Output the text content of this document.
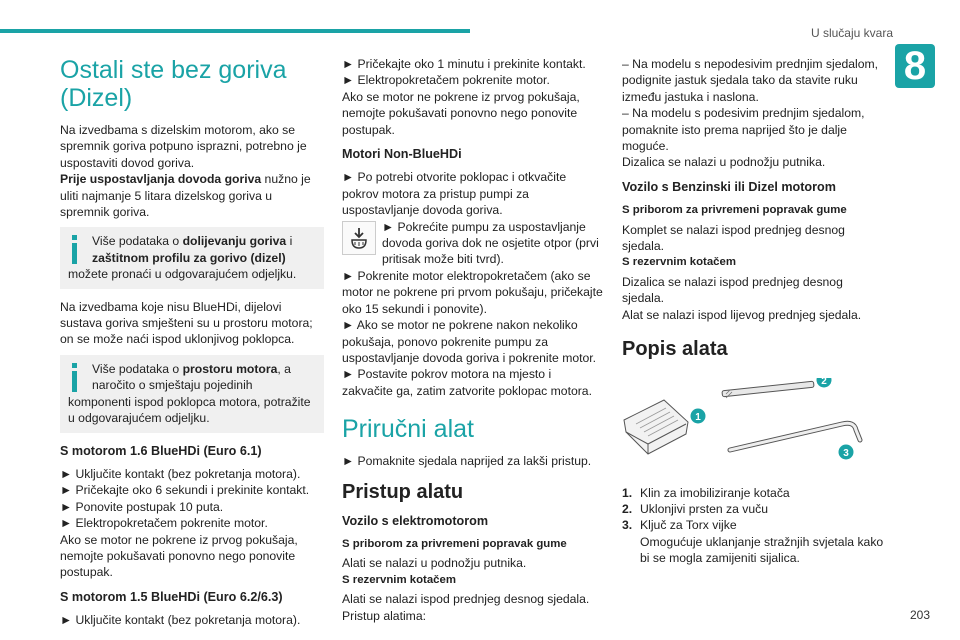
U slučaju kvara
8
Ostali ste bez goriva (Dizel)

Na izvedbama s dizelskim motorom, ako se spremnik goriva potpuno isprazni, potrebno je uspostaviti dovod goriva.

Prije uspostavljanja dovoda goriva nužno je uliti najmanje 5 litara dizelskog goriva u spremnik goriva.

Više podataka o dolijevanju goriva i zaštitnom profilu za gorivo (dizel) možete pronaći u odgovarajućem odjeljku.

Na izvedbama koje nisu BlueHDi, dijelovi sustava goriva smješteni su u prostoru motora; on se može naći ispod uklonjivog poklopca.

Više podataka o prostoru motora, a naročito o smještaju pojedinih komponenti ispod poklopca motora, potražite u odgovarajućem odjeljku.
S motorom 1.6 BlueHDi (Euro 6.1)

► Uključite kontakt (bez pokretanja motora).

► Pričekajte oko 6 sekundi i prekinite kontakt.

► Ponovite postupak 10 puta.

► Elektropokretačem pokrenite motor.

Ako se motor ne pokrene iz prvog pokušaja, nemojte pokušavati ponovno nego ponovite postupak.

S motorom 1.5 BlueHDi (Euro 6.2/6.3)

► Uključite kontakt (bez pokretanja motora).

► Pričekajte oko 1 minutu i prekinite kontakt.

► Elektropokretačem pokrenite motor.

Ako se motor ne pokrene iz prvog pokušaja, nemojte pokušavati ponovno nego ponovite postupak.

Motori Non-BlueHDi

► Po potrebi otvorite poklopac i otkvačite pokrov motora za pristup pumpi za uspostavljanje dovoda goriva.

► Pokrećite pumpu za uspostavljanje dovoda goriva dok ne osjetite otpor (prvi pritisak može biti tvrd).

► Pokrenite motor elektropokretačem (ako se motor ne pokrene pri prvom pokušaju, pričekajte oko 15 sekundi i ponovite).

► Ako se motor ne pokrene nakon nekoliko pokušaja, ponovo pokrenite pumpu za uspostavljanje dovoda goriva i pokrenite motor.

► Postavite pokrov motora na mjesto i zakvačite ga, zatim zatvorite poklopac motora.

Priručni alat

► Pomaknite sjedala naprijed za lakši pristup.

Pristup alatu
Vozilo s elektromotorom
S priborom za privremeni popravak gume

Alati se nalazi u podnožju putnika.

S rezervnim kotačem

Alati se nalazi ispod prednjeg desnog sjedala.

Pristup alatima:

– Na modelu s nepodesivim prednjim sjedalom, podignite jastuk sjedala tako da stavite ruku između jastuka i naslona.

– Na modelu s podesivim prednjim sjedalom, pomaknite isto prema naprijed što je dalje moguće.

Dizalica se nalazi u podnožju putnika.

Vozilo s Benzinski ili Dizel motorom
S priborom za privremeni popravak gume

Komplet se nalazi ispod prednjeg desnog sjedala.

S rezervnim kotačem

Dizalica se nalazi ispod prednjeg desnog sjedala.

Alat se nalazi ispod lijevog prednjeg sjedala.

Popis alata
1
2
3
1. Klin za imobiliziranje kotača
2. Uklonjivi prsten za vuču
3. Ključ za Torx vijke
Omogućuje uklanjanje stražnjih svjetala kako bi se mogla zamijeniti sijalica.
203
